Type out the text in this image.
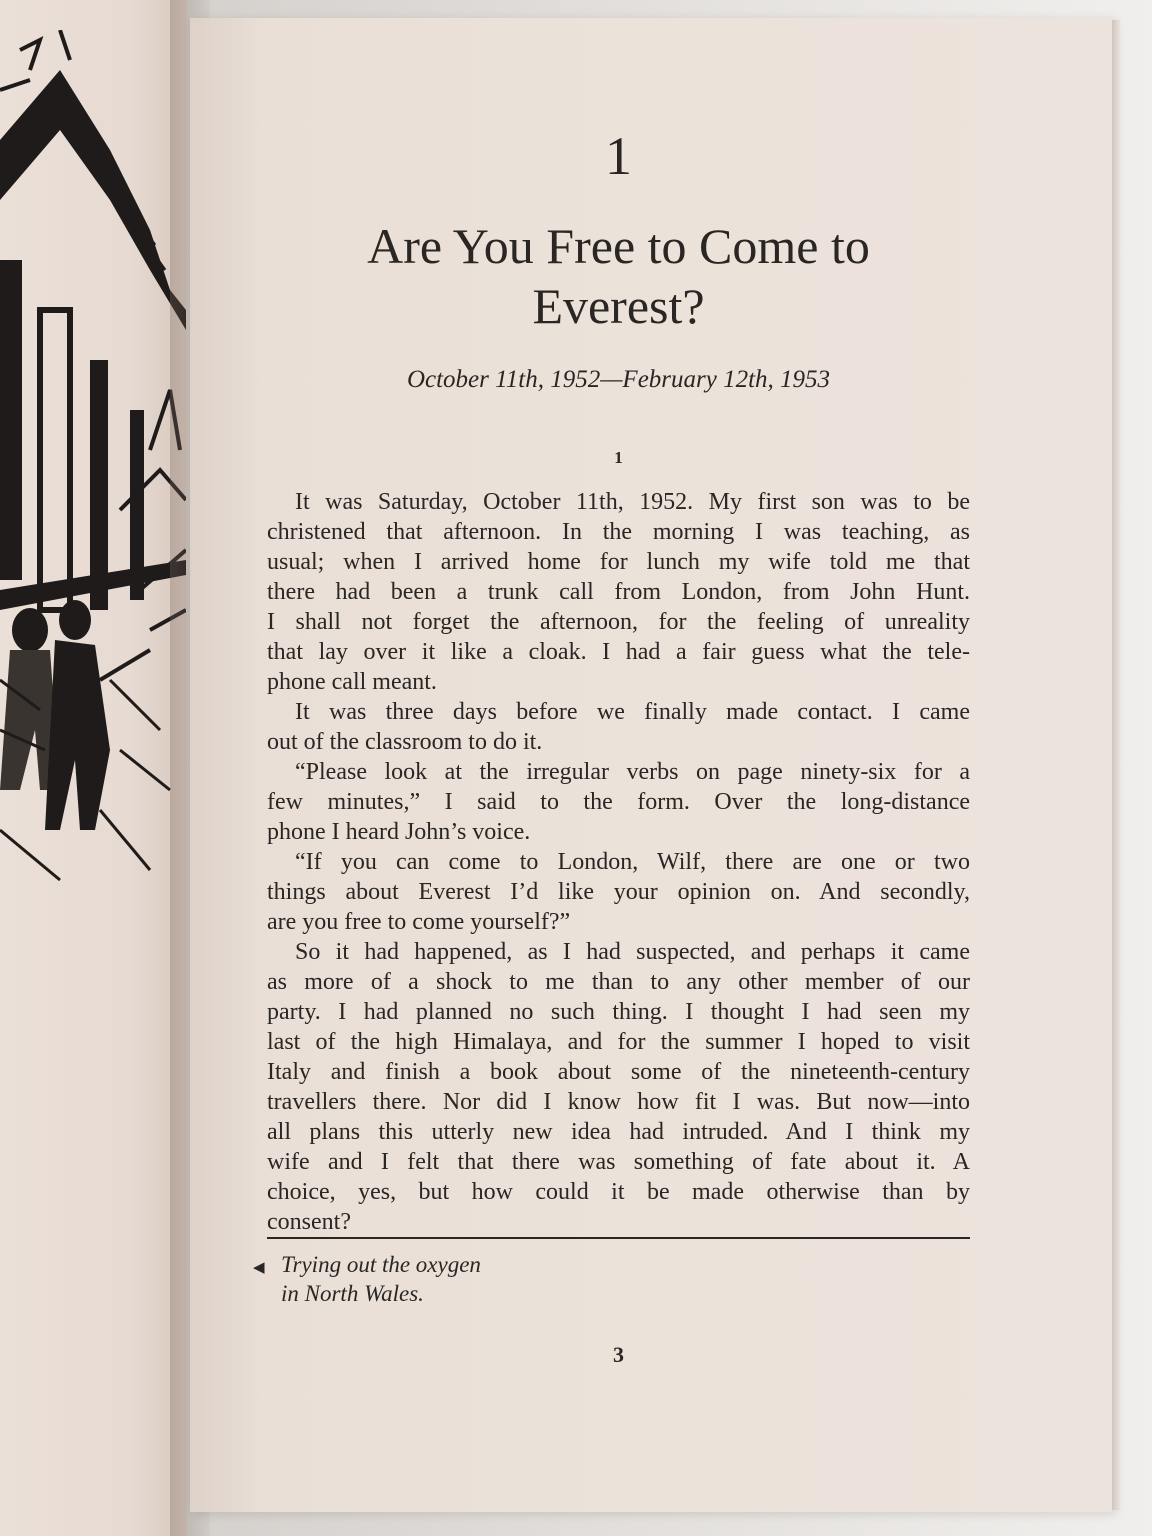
1
Are You Free to Come to
Everest?
October 11th, 1952—February 12th, 1953
1
It was Saturday, October 11th, 1952. My first son was to be
christened that afternoon. In the morning I was teaching, as
usual; when I arrived home for lunch my wife told me that
there had been a trunk call from London, from John Hunt.
I shall not forget the afternoon, for the feeling of unreality
that lay over it like a cloak. I had a fair guess what the tele-
phone call meant.
It was three days before we finally made contact. I came
out of the classroom to do it.
“Please look at the irregular verbs on page ninety-six for a
few minutes,” I said to the form. Over the long-distance
phone I heard John’s voice.
“If you can come to London, Wilf, there are one or two
things about Everest I’d like your opinion on. And secondly,
are you free to come yourself?”
So it had happened, as I had suspected, and perhaps it came
as more of a shock to me than to any other member of our
party. I had planned no such thing. I thought I had seen my
last of the high Himalaya, and for the summer I hoped to visit
Italy and finish a book about some of the nineteenth-century
travellers there. Nor did I know how fit I was. But now—into
all plans this utterly new idea had intruded. And I think my
wife and I felt that there was something of fate about it. A
choice, yes, but how could it be made otherwise than by
consent?
◀ Trying out the oxygen
in North Wales.
3
